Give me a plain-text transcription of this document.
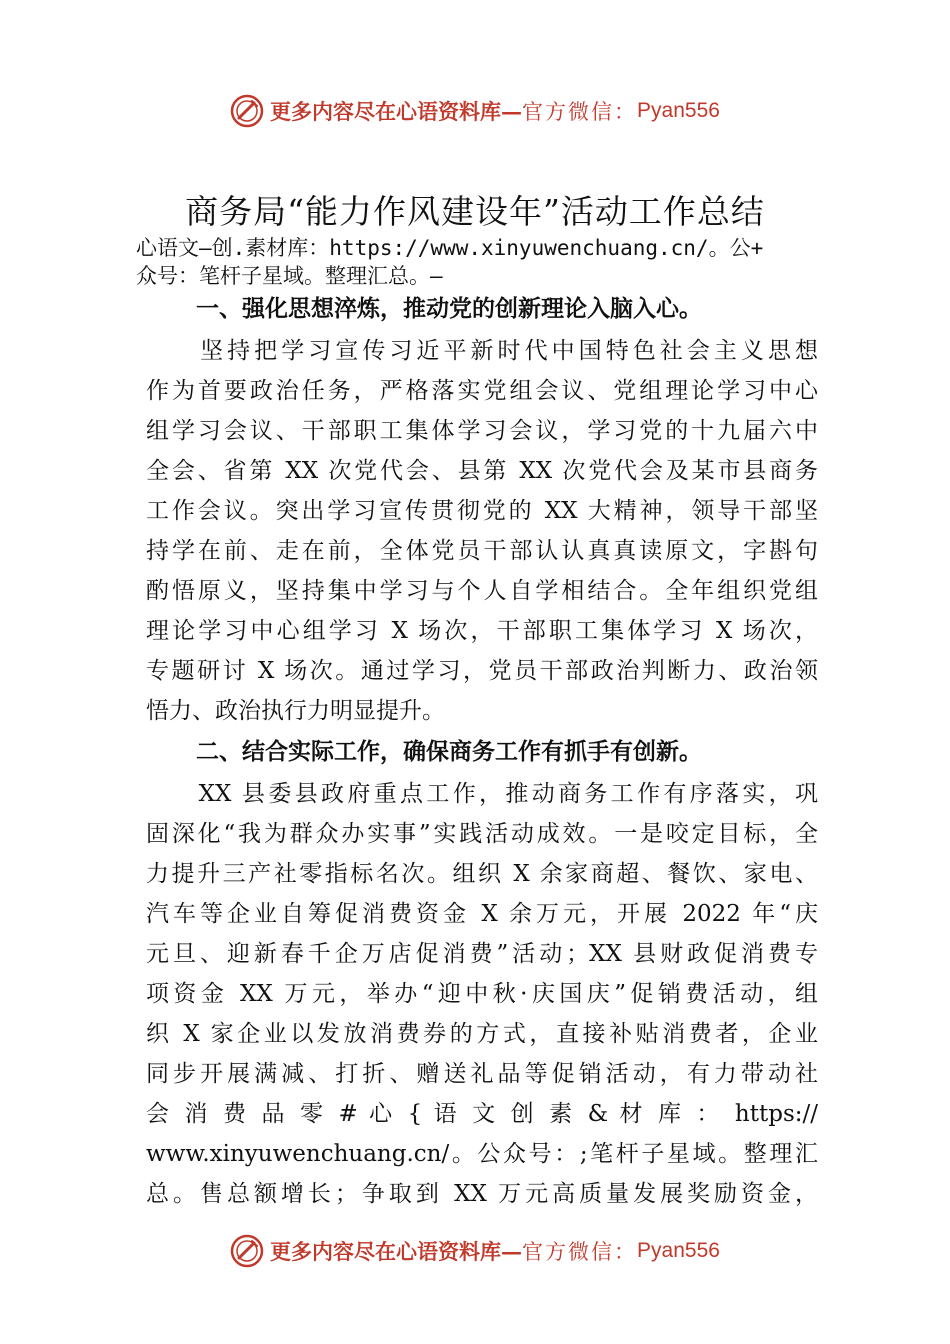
更多内容尽在心语资料库—官方微信：Pyan556
商务局“能力作风建设年”活动工作总结
心语文—创.素材库：https://www.xinyuwenchuang.cn/。公+
众号：笔杆子星域。整理汇总。—
一、强化思想淬炼，推动党的创新理论入脑入心。
　　坚持把学习宣传习近平新时代中国特色社会主义思想
作为首要政治任务，严格落实党组会议、党组理论学习中心
组学习会议、干部职工集体学习会议，学习党的十九届六中
全会、省第 XX 次党代会、县第 XX 次党代会及某市县商务
工作会议。突出学习宣传贯彻党的 XX 大精神，领导干部坚
持学在前、走在前，全体党员干部认认真真读原文，字斟句
酌悟原义，坚持集中学习与个人自学相结合。全年组织党组
理论学习中心组学习 X 场次，干部职工集体学习 X 场次，
专题研讨 X 场次。通过学习，党员干部政治判断力、政治领
悟力、政治执行力明显提升。
二、结合实际工作，确保商务工作有抓手有创新。
　　XX 县委县政府重点工作，推动商务工作有序落实，巩
固深化“我为群众办实事”实践活动成效。一是咬定目标，全
力提升三产社零指标名次。组织 X 余家商超、餐饮、家电、
汽车等企业自筹促消费资金 X 余万元，开展 2022 年“庆
元旦、迎新春千企万店促消费”活动；XX 县财政促消费专
项资金 XX 万元，举办“迎中秋·庆国庆”促销费活动，组
织 X 家企业以发放消费券的方式，直接补贴消费者，企业
同步开展满减、打折、赠送礼品等促销活动，有力带动社
会 消 费 品 零 # 心 { 语 文 创 素 & 材 库 ： https://
www.xinyuwenchuang.cn/。公众号：;笔杆子星域。整理汇
总。售总额增长；争取到 XX 万元高质量发展奖励资金，
更多内容尽在心语资料库—官方微信：Pyan556
